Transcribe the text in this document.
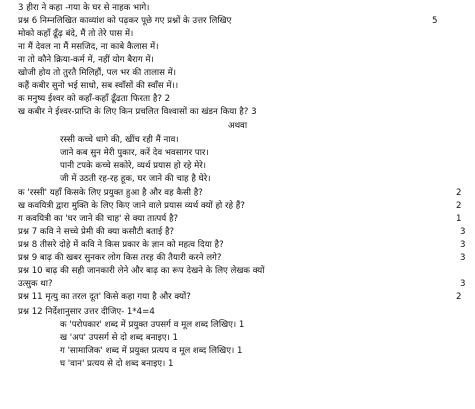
3 हीरा ने कहा -गया के घर से नाहक भागे।
प्रश्न 6 निम्नलिखित काव्यांश को पढ़कर पूछे गए प्रश्नों के उत्तर लिखिए	5
मोको कहाँ ढूँढ़ बंदे, मैं तो तेरे पास में।
ना मैं देवल ना मैं मसजिद, ना काबे कैलास में।
ना तो कौने क्रिया-कर्म में, नहीं योग बैराग में।
खोजी होय तो तुरतै मिलिहौं, पल भर की तालास में।
कहैं कबीर सुनो भई साधो, सब स्वाँसों की स्वाँस में।।
क मनुष्य ईश्वर को कहाँ-कहाँ ढूँढता फिरता है? 2
ख कबीर ने ईश्वर-प्राप्ति के लिए किन प्रचलित विश्वासों का खंडन किया है? 3
अथवा
रस्सी कच्चे धागे की, खींच रही मैं नाव।
जाने कब सुन मेरी पुकार, करें देव भवसागर पार।
पानी टपके कच्चे सकोरे, व्यर्थ प्रयास हो रहे मेरे।
जी में उठती रह-रह हूक, घर जाने की चाह है घेरे।
क 'रस्सी' यहाँ किसके लिए प्रयुक्त हुआ है और वह कैसी है?	2
ख कवयित्री द्वारा मुक्ति के लिए किए जाने वाले प्रयास व्यर्थ क्यों हो रहे हैं?	2
ग कवयित्री का 'घर जाने की चाह' से क्या तात्पर्य है?	1
प्रश्न 7 कवि ने सच्चे प्रेमी की क्या कसौटी बताई है?	3
प्रश्न 8 तीसरे दोहे में कवि ने किस प्रकार के ज्ञान को महत्व दिया है?	3
प्रश्न 9 बाढ़ की खबर सुनकर लोग किस तरह की तैयारी करने लगे?	3
प्रश्न 10 बाढ़ की सही जानकारी लेने और बाढ़ का रूप देखने के लिए लेखक क्यों
उत्सुक था?	3
प्रश्न 11 मृत्यु का तरल दूत' किसे कहा गया है और क्यों?	2
प्रश्न 12 निर्देशानुसार उत्तर दीजिए- 1*4=4
क 'परोपकार' शब्द में प्रयुक्त उपसर्ग व मूल शब्द लिखिए। 1
ख 'अप' उपसर्ग से दो शब्द बनाइए। 1
ग 'सामाजिक' शब्द में प्रयुक्त प्रत्यय व मूल शब्द लिखिए। 1
घ 'वान' प्रत्यय से दो शब्द बनाइए। 1
